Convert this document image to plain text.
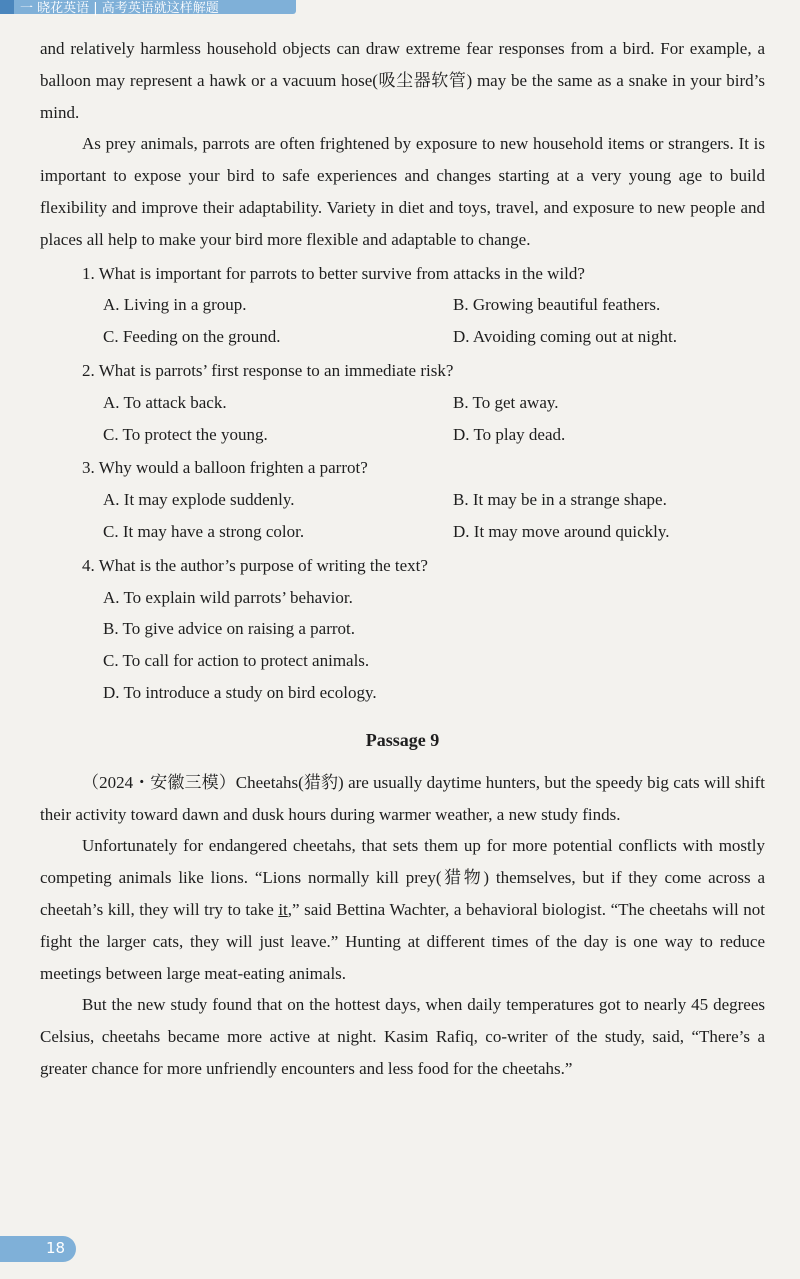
一 晓花英语 | 高考英语就这样解题

and relatively harmless household objects can draw extreme fear responses from a bird. For example, a balloon may represent a hawk or a vacuum hose(吸尘器软管) may be the same as a snake in your bird’s mind.

As prey animals, parrots are often frightened by exposure to new household items or strangers. It is important to expose your bird to safe experiences and changes starting at a very young age to build flexibility and improve their adaptability. Variety in diet and toys, travel, and exposure to new people and places all help to make your bird more flexible and adaptable to change.

1. What is important for parrots to better survive from attacks in the wild?
A. Living in a group.	B. Growing beautiful feathers.
C. Feeding on the ground.	D. Avoiding coming out at night.
2. What is parrots’ first response to an immediate risk?
A. To attack back.	B. To get away.
C. To protect the young.	D. To play dead.
3. Why would a balloon frighten a parrot?
A. It may explode suddenly.	B. It may be in a strange shape.
C. It may have a strong color.	D. It may move around quickly.
4. What is the author’s purpose of writing the text?
A. To explain wild parrots’ behavior.
B. To give advice on raising a parrot.
C. To call for action to protect animals.
D. To introduce a study on bird ecology.
Passage 9

（2024・安徽三模）Cheetahs(猎豹) are usually daytime hunters, but the speedy big cats will shift their activity toward dawn and dusk hours during warmer weather, a new study finds.

Unfortunately for endangered cheetahs, that sets them up for more potential conflicts with mostly competing animals like lions. “Lions normally kill prey(猎物) themselves, but if they come across a cheetah’s kill, they will try to take it,” said Bettina Wachter, a behavioral biologist. “The cheetahs will not fight the larger cats, they will just leave.” Hunting at different times of the day is one way to reduce meetings between large meat-eating animals.

But the new study found that on the hottest days, when daily temperatures got to nearly 45 degrees Celsius, cheetahs became more active at night. Kasim Rafiq, co-writer of the study, said, “There’s a greater chance for more unfriendly encounters and less food for the cheetahs.”

18
